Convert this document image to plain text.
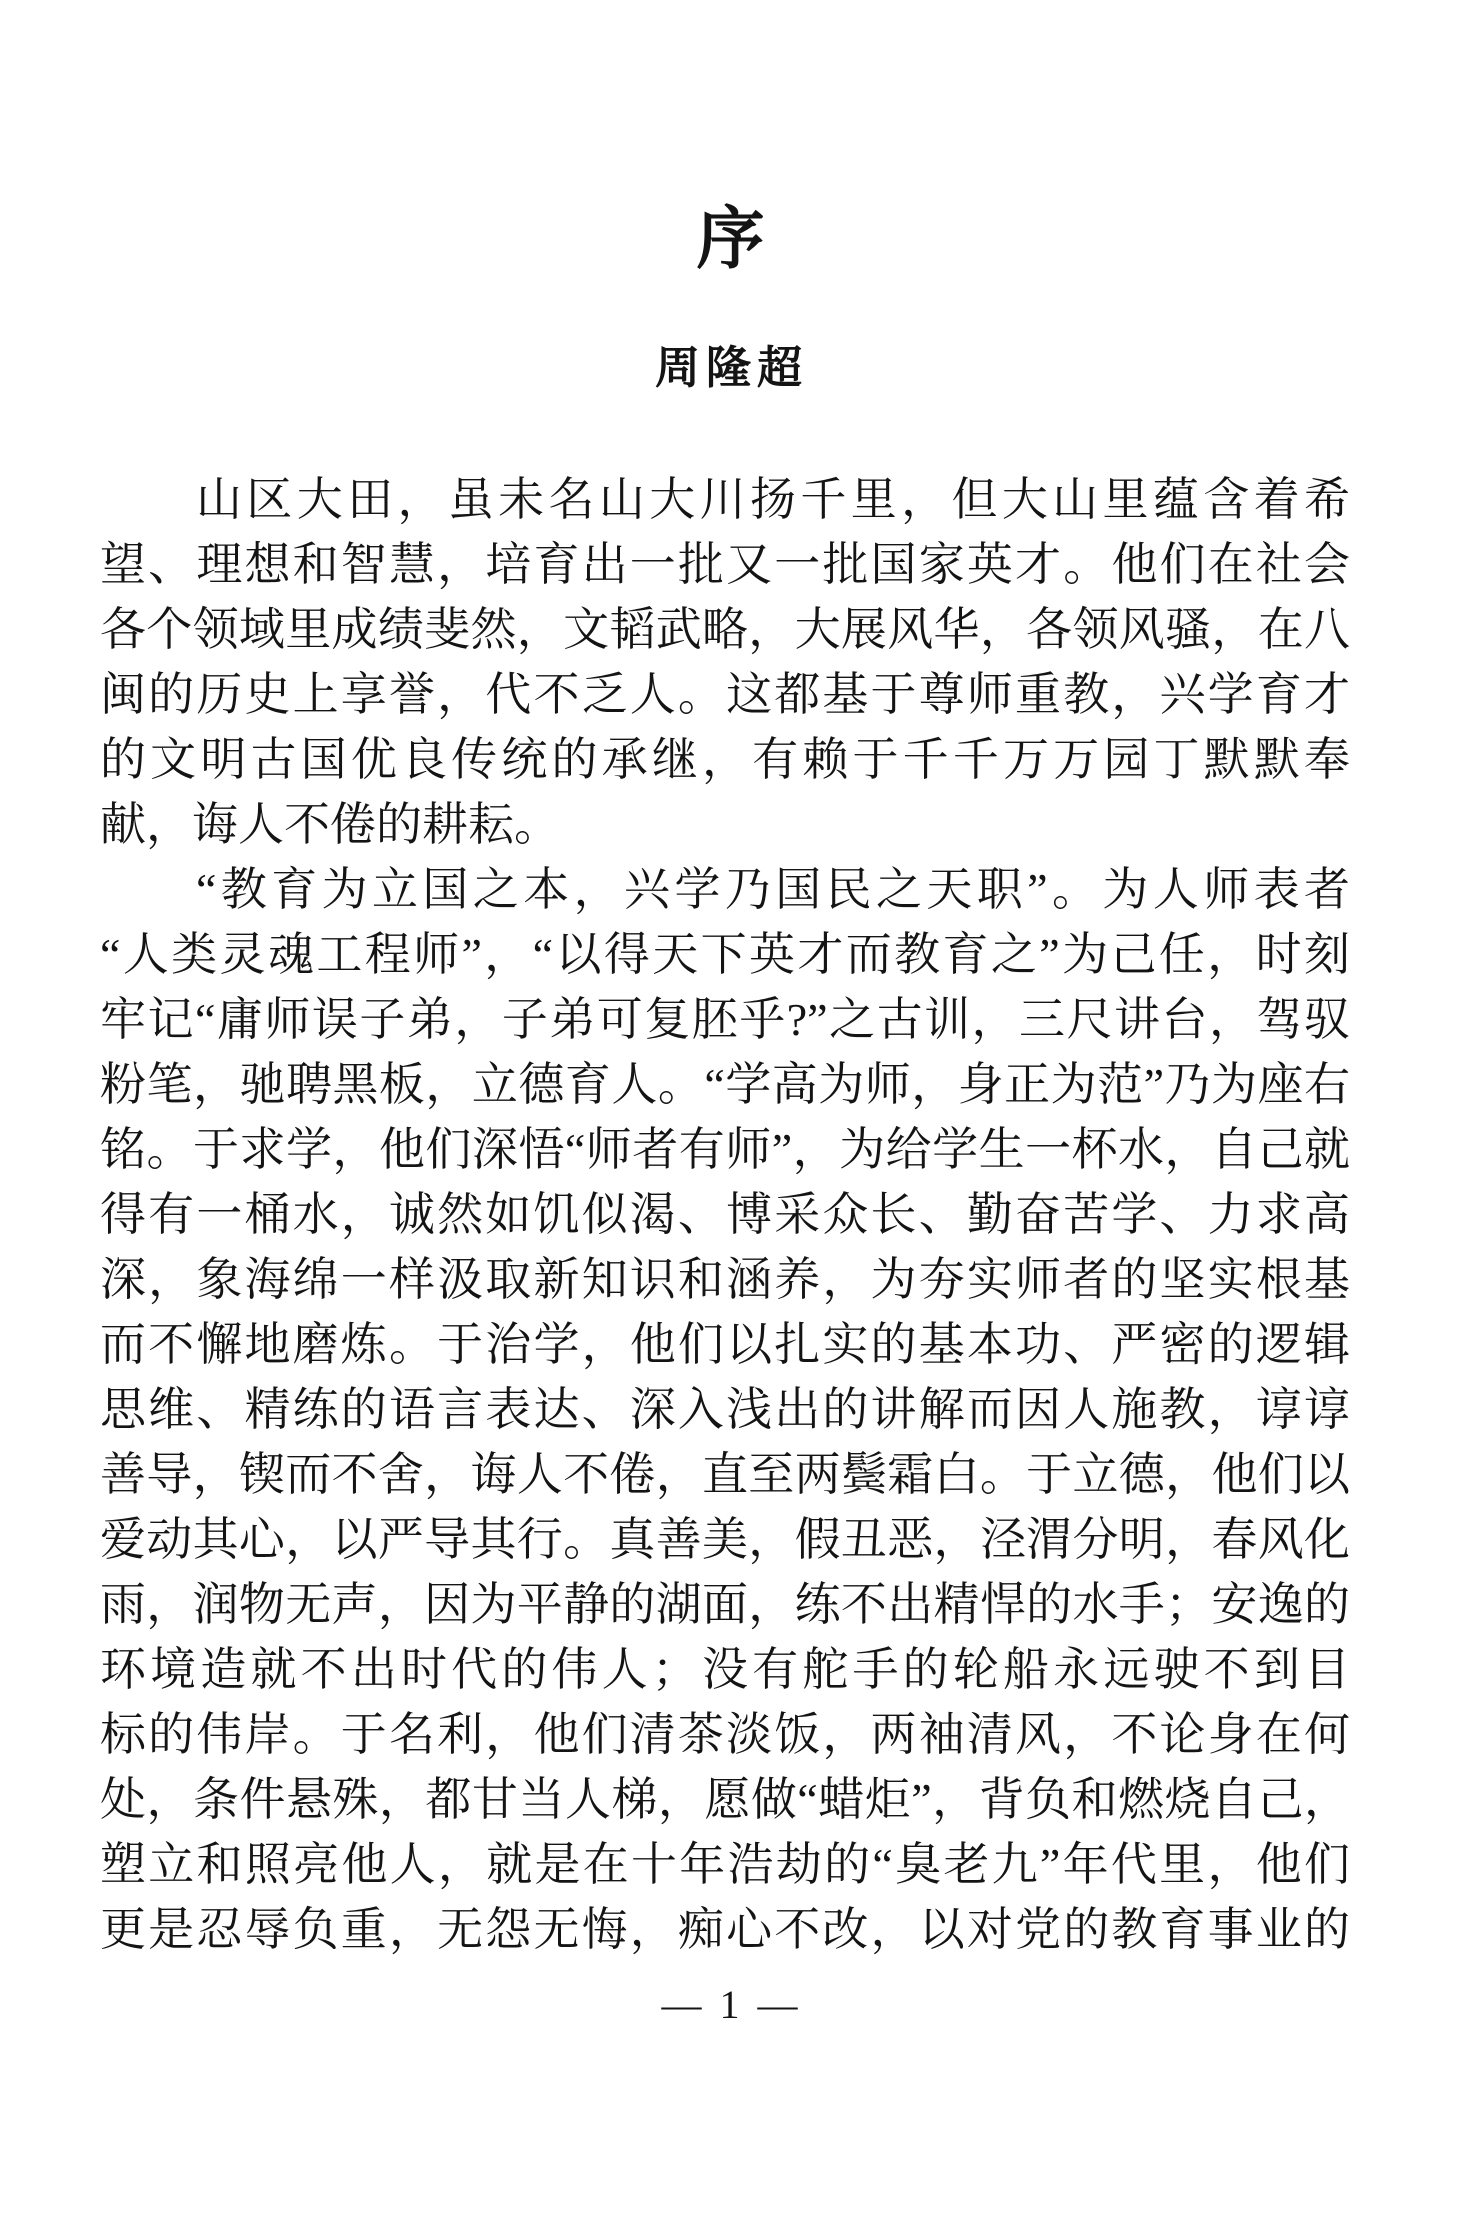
序
周隆超

山区大田，虽未名山大川扬千里，但大山里蕴含着希

望、理想和智慧，培育出一批又一批国家英才。他们在社会

各个领域里成绩斐然，文韬武略，大展风华，各领风骚，在八

闽的历史上享誉，代不乏人。这都基于尊师重教，兴学育才

的文明古国优良传统的承继，有赖于千千万万园丁默默奉

献，诲人不倦的耕耘。

“教育为立国之本，兴学乃国民之天职”。为人师表者

“人类灵魂工程师”，“以得天下英才而教育之”为己任，时刻

牢记“庸师误子弟，子弟可复胚乎?”之古训，三尺讲台，驾驭

粉笔，驰聘黑板，立德育人。“学高为师，身正为范”乃为座右

铭。于求学，他们深悟“师者有师”，为给学生一杯水，自己就

得有一桶水，诚然如饥似渴、博采众长、勤奋苦学、力求高

深，象海绵一样汲取新知识和涵养，为夯实师者的坚实根基

而不懈地磨炼。于治学，他们以扎实的基本功、严密的逻辑

思维、精练的语言表达、深入浅出的讲解而因人施教，谆谆

善导，锲而不舍，诲人不倦，直至两鬓霜白。于立德，他们以

爱动其心，以严导其行。真善美，假丑恶，泾渭分明，春风化

雨，润物无声，因为平静的湖面，练不出精悍的水手；安逸的

环境造就不出时代的伟人；没有舵手的轮船永远驶不到目

标的伟岸。于名利，他们清茶淡饭，两袖清风，不论身在何

处，条件悬殊，都甘当人梯，愿做“蜡炬”，背负和燃烧自己，

塑立和照亮他人，就是在十年浩劫的“臭老九”年代里，他们

更是忍辱负重，无怨无悔，痴心不改，以对党的教育事业的

— 1 —
